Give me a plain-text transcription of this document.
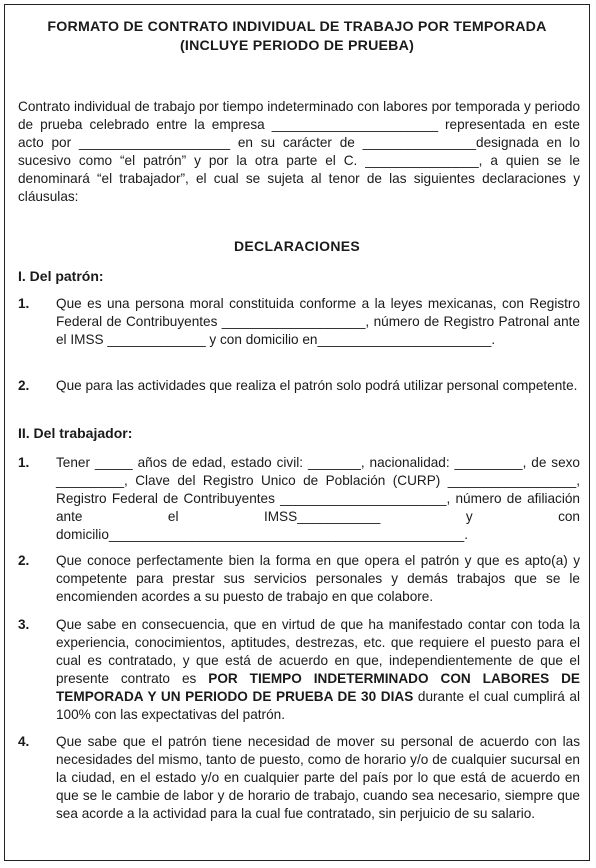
FORMATO DE CONTRATO INDIVIDUAL DE TRABAJO POR TEMPORADA
(INCLUYE PERIODO DE PRUEBA)
Contrato individual de trabajo por tiempo indeterminado con labores por temporada y periodo de prueba celebrado entre la empresa ______________________ representada en este acto por ____________________ en su carácter de _______________designada en lo sucesivo como “el patrón” y por la otra parte el C. _______________, a quien se le denominará “el trabajador”, el cual se sujeta al tenor de las siguientes declaraciones y cláusulas:
DECLARACIONES
I. Del patrón:
1.	Que es una persona moral constituida conforme a la leyes mexicanas, con Registro Federal de Contribuyentes ___________________, número de Registro Patronal ante el IMSS _____________ y con domicilio en_______________________.
2.	Que para las actividades que realiza el patrón solo podrá utilizar personal competente.
II. Del trabajador:
1.	Tener _____ años de edad, estado civil: _______, nacionalidad: _________, de sexo _________, Clave del Registro Unico de Población (CURP) _________________, Registro Federal de Contribuyentes ______________________, número de afiliación ante el IMSS___________ y con domicilio_______________________________________________.
2.	Que conoce perfectamente bien la forma en que opera el patrón y que es apto(a) y competente para prestar sus servicios personales y demás trabajos que se le encomienden acordes a su puesto de trabajo en que colabore.
3.	Que sabe en consecuencia, que en virtud de que ha manifestado contar con toda la experiencia, conocimientos, aptitudes, destrezas, etc. que requiere el puesto para el cual es contratado, y que está de acuerdo en que, independientemente de que el presente contrato es POR TIEMPO INDETERMINADO CON LABORES DE TEMPORADA Y UN PERIODO DE PRUEBA DE 30 DIAS durante el cual cumplirá al 100% con las expectativas del patrón.
4.	Que sabe que el patrón tiene necesidad de mover su personal de acuerdo con las necesidades del mismo, tanto de puesto, como de horario y/o de cualquier sucursal en la ciudad, en el estado y/o en cualquier parte del país por lo que está de acuerdo en que se le cambie de labor y de horario de trabajo, cuando sea necesario, siempre que sea acorde a la actividad para la cual fue contratado, sin perjuicio de su salario.
